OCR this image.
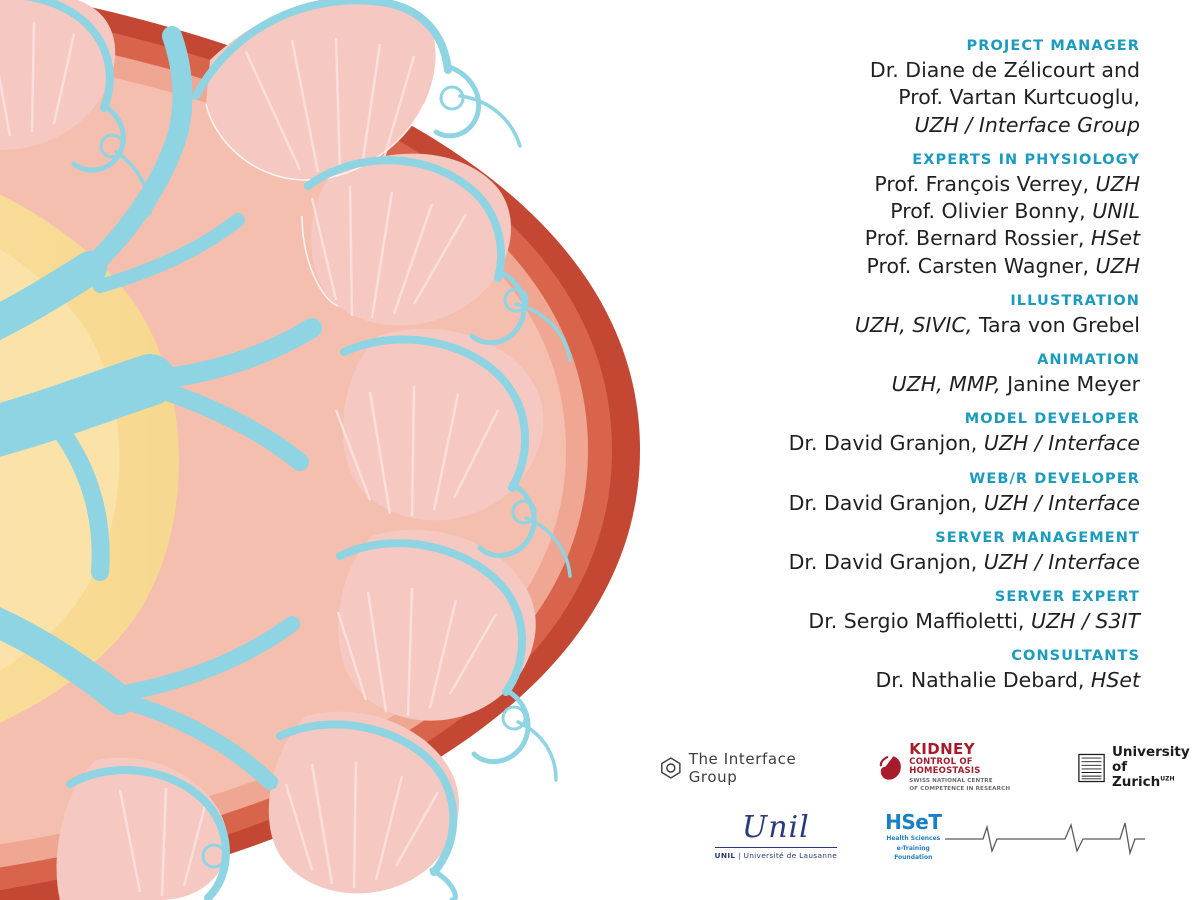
PROJECT MANAGER
Dr. Diane de Zélicourt and
Prof. Vartan Kurtcuoglu,
UZH / Interface Group
EXPERTS IN PHYSIOLOGY
Prof. François Verrey, UZH
Prof. Olivier Bonny, UNIL
Prof. Bernard Rossier, HSet
Prof. Carsten Wagner, UZH
ILLUSTRATION
UZH, SIVIC, Tara von Grebel
ANIMATION
UZH, MMP, Janine Meyer
MODEL DEVELOPER
Dr. David Granjon, UZH / Interface
WEB/R DEVELOPER
Dr. David Granjon, UZH / Interface
SERVER MANAGEMENT
Dr. David Granjon, UZH / Interface
SERVER EXPERT
Dr. Sergio Maffioletti, UZH / S3IT
CONSULTANTS
Dr. Nathalie Debard, HSet
The Interface Group
KIDNEY
CONTROL OF HOMEOSTASIS
SWISS NATIONAL CENTRE
OF COMPETENCE IN RESEARCH
University of
Zurich$^{UZH}$
Unil
UNIL | Université de Lausanne
HSeT
Health Sciences
e-Training
Foundation
